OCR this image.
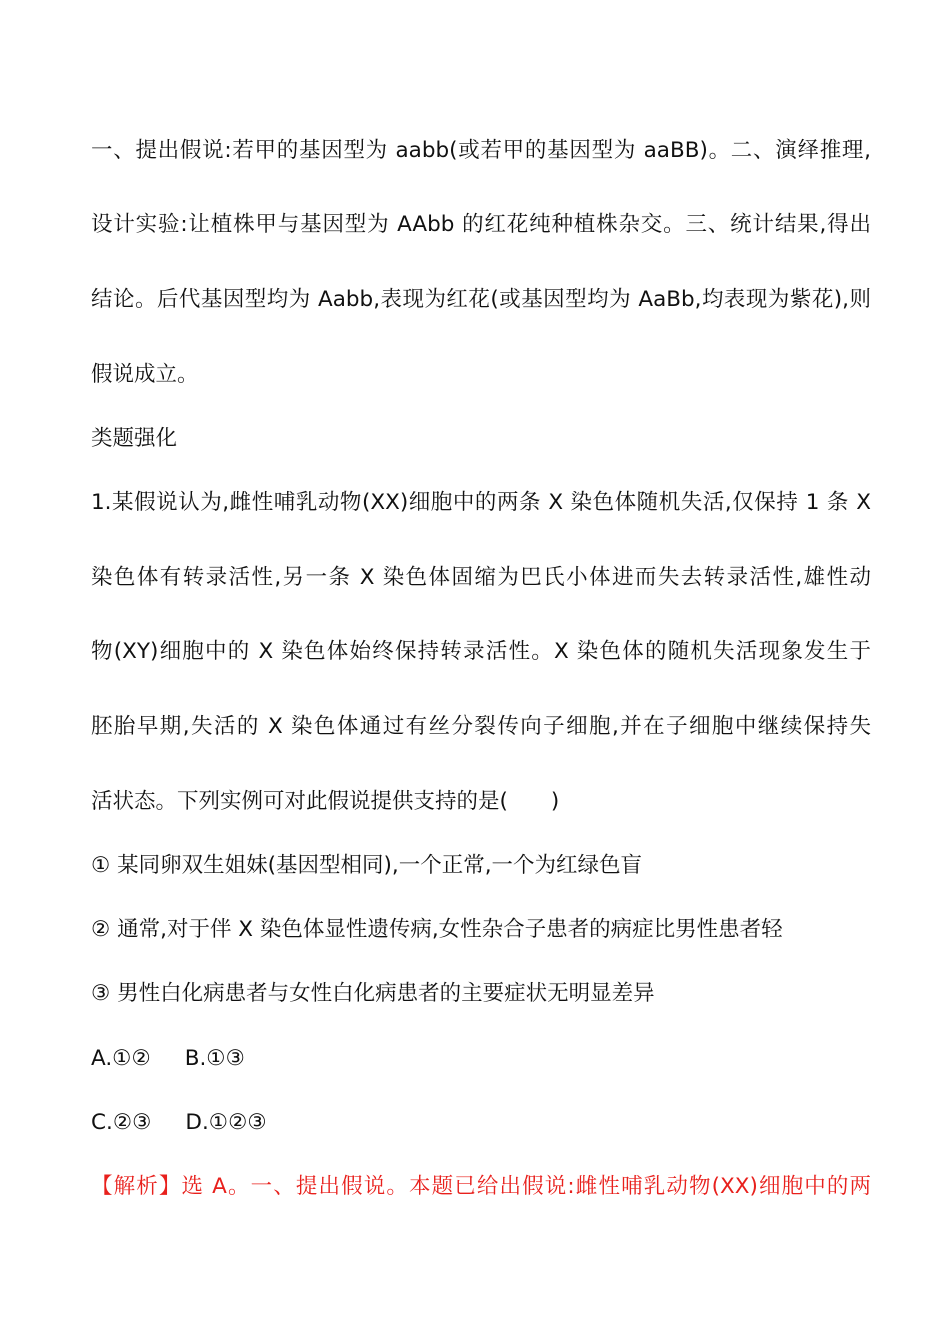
一、提出假说:若甲的基因型为 aabb(或若甲的基因型为 aaBB)。二、演绎推理,
设计实验:让植株甲与基因型为 AAbb 的红花纯种植株杂交。三、统计结果,得出
结论。后代基因型均为 Aabb,表现为红花(或基因型均为 AaBb,均表现为紫花),则
假说成立。
类题强化
1.某假说认为,雌性哺乳动物(XX)细胞中的两条 X 染色体随机失活,仅保持 1 条 X
染色体有转录活性,另一条 X 染色体固缩为巴氏小体进而失去转录活性,雄性动
物(XY)细胞中的 X 染色体始终保持转录活性。X 染色体的随机失活现象发生于
胚胎早期,失活的 X 染色体通过有丝分裂传向子细胞,并在子细胞中继续保持失
活状态。下列实例可对此假说提供支持的是(　　)
① 某同卵双生姐妹(基因型相同),一个正常,一个为红绿色盲
② 通常,对于伴 X 染色体显性遗传病,女性杂合子患者的病症比男性患者轻
③ 男性白化病患者与女性白化病患者的主要症状无明显差异
A.①② B.①③
C.②③ D.①②③
【解析】选 A。一、提出假说。本题已给出假说:雌性哺乳动物(XX)细胞中的两
